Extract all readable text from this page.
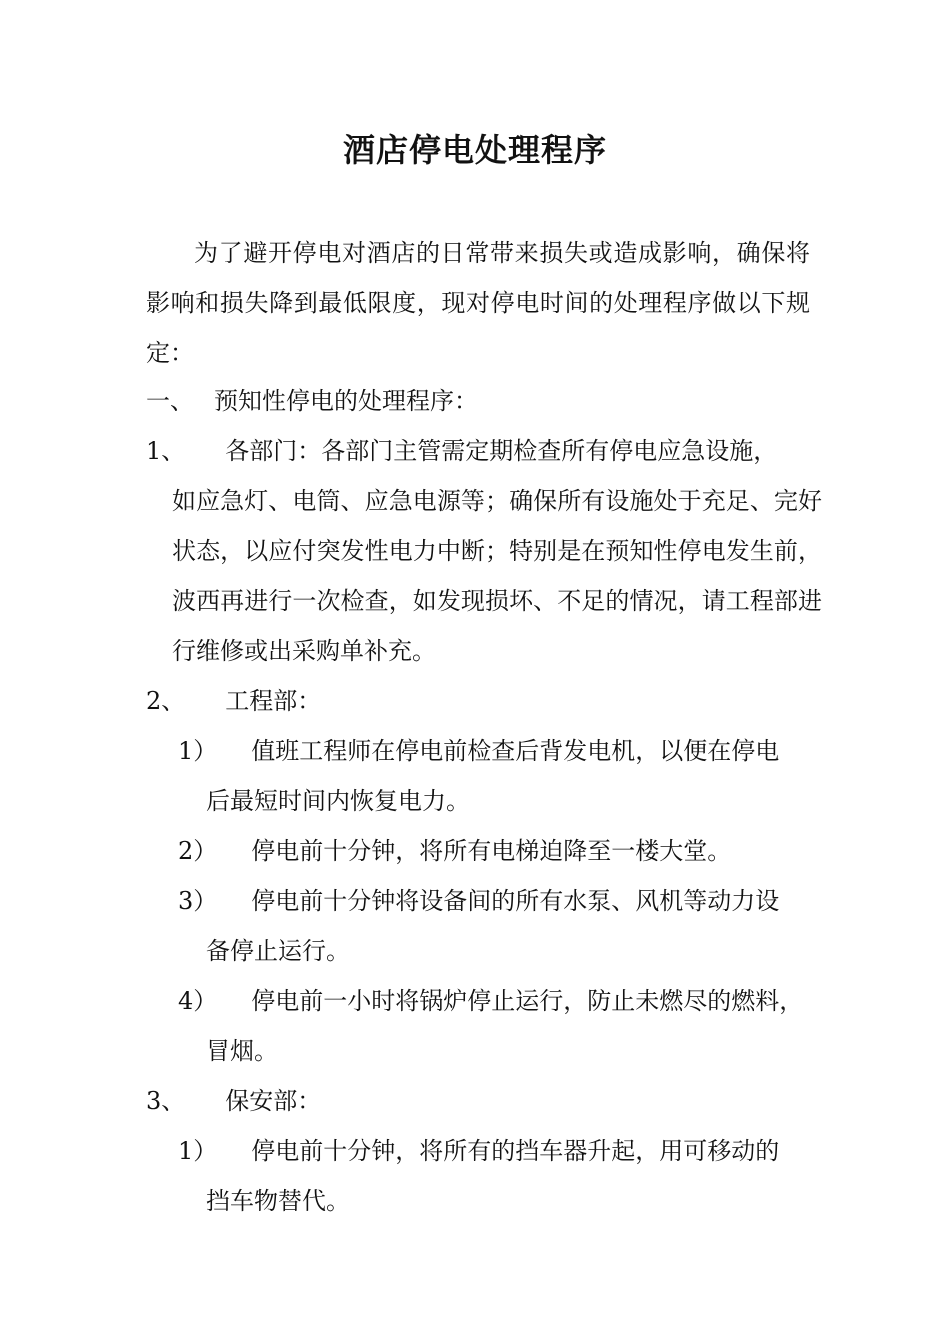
酒店停电处理程序

为了避开停电对酒店的日常带来损失或造成影响，确保将影响和损失降到最低限度，现对停电时间的处理程序做以下规定：

一、 预知性停电的处理程序：
1、 各部门：各部门主管需定期检查所有停电应急设施，

如应急灯、电筒、应急电源等；确保所有设施处于充足、完好状态，以应付突发性电力中断；特别是在预知性停电发生前，波西再进行一次检查，如发现损坏、不足的情况，请工程部进行维修或出采购单补充。

2、 工程部：
1） 值班工程师在停电前检查后背发电机，以便在停电
后最短时间内恢复电力。
2） 停电前十分钟，将所有电梯迫降至一楼大堂。
3） 停电前十分钟将设备间的所有水泵、风机等动力设
备停止运行。
4） 停电前一小时将锅炉停止运行，防止未燃尽的燃料，
冒烟。
3、 保安部：
1） 停电前十分钟，将所有的挡车器升起，用可移动的
挡车物替代。
